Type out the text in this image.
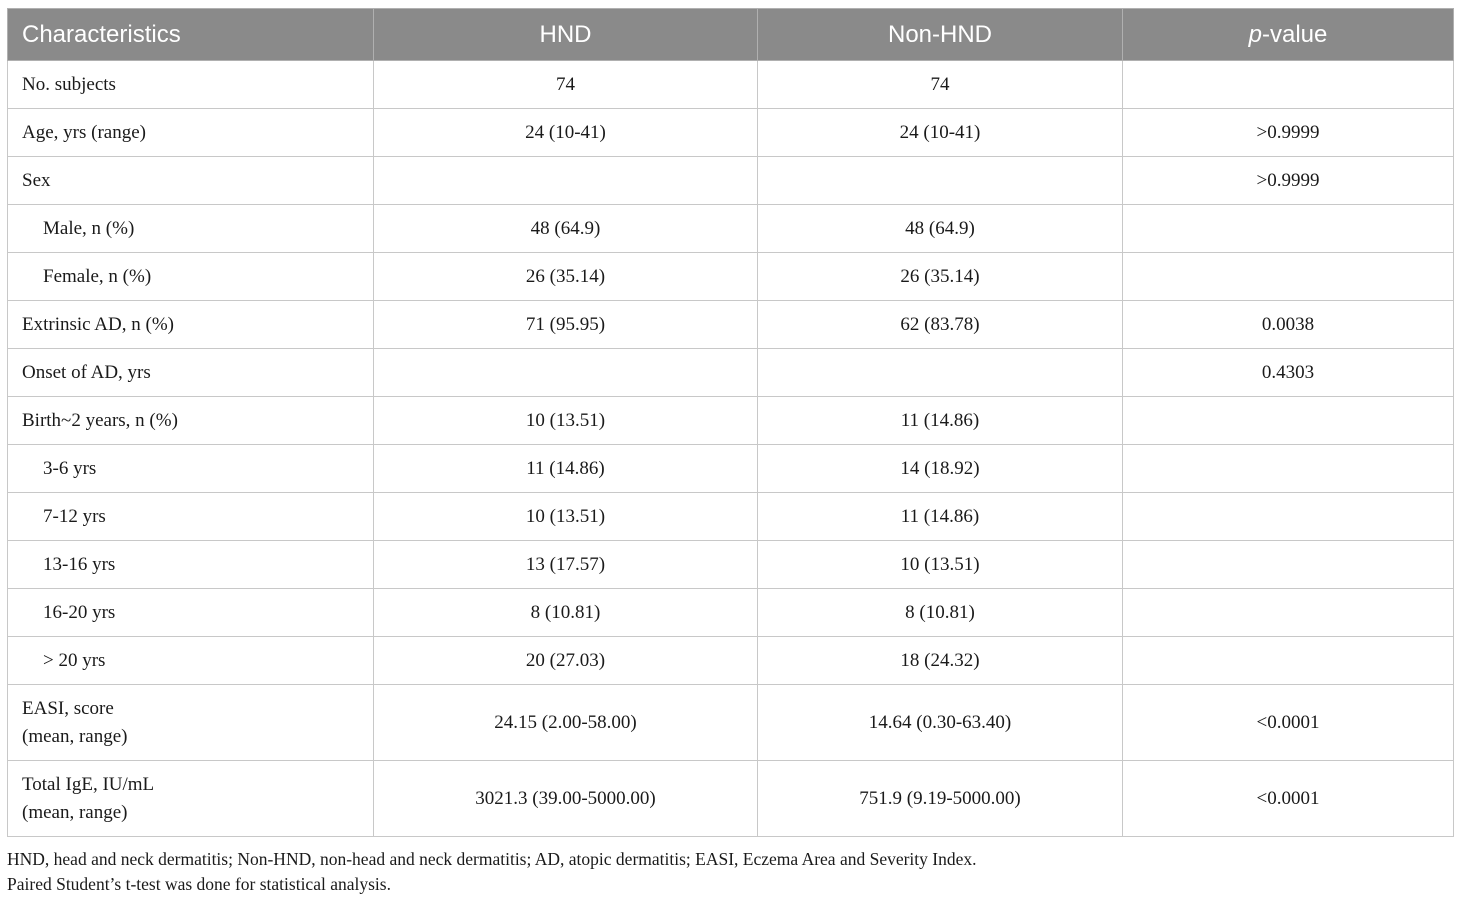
Characteristics	HND	Non-HND	p-value
No. subjects	74	74	
Age, yrs (range)	24 (10-41)	24 (10-41)	>0.9999
Sex			>0.9999
Male, n (%)	48 (64.9)	48 (64.9)	
Female, n (%)	26 (35.14)	26 (35.14)	
Extrinsic AD, n (%)	71 (95.95)	62 (83.78)	0.0038
Onset of AD, yrs			0.4303
Birth~2 years, n (%)	10 (13.51)	11 (14.86)	
3-6 yrs	11 (14.86)	14 (18.92)	
7-12 yrs	10 (13.51)	11 (14.86)	
13-16 yrs	13 (17.57)	10 (13.51)	
16-20 yrs	8 (10.81)	8 (10.81)	
> 20 yrs	20 (27.03)	18 (24.32)	

EASI, score
(mean, range)	24.15 (2.00-58.00)	14.64 (0.30-63.40)	<0.0001

Total IgE, IU/mL
(mean, range)	3021.3 (39.00-5000.00)	751.9 (9.19-5000.00)	<0.0001
HND, head and neck dermatitis; Non-HND, non-head and neck dermatitis; AD, atopic dermatitis; EASI, Eczema Area and Severity Index.
Paired Student’s t-test was done for statistical analysis.
